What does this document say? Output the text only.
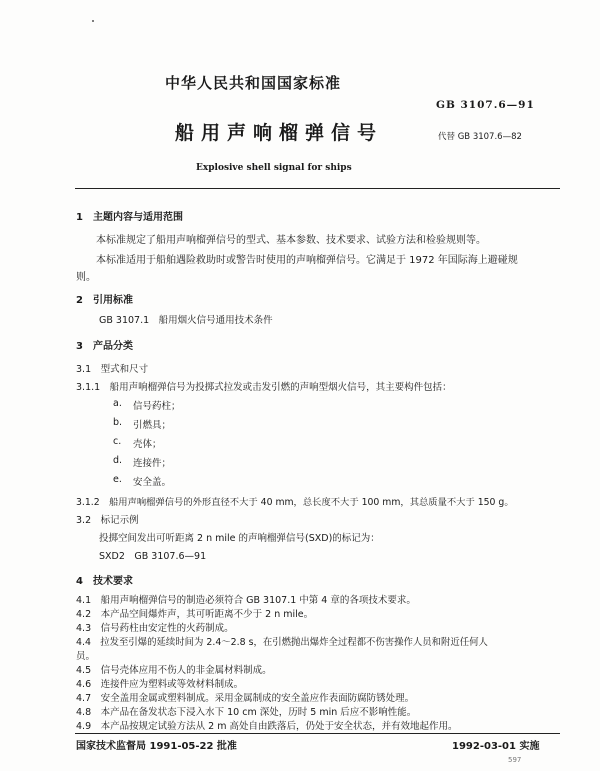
中华人民共和国国家标准
GB 3107.6—91
船用声响榴弹信号	代替 GB 3107.6—82
Explosive shell signal for ships
1　主题内容与适用范围
本标准规定了船用声响榴弹信号的型式、基本参数、技术要求、试验方法和检验规则等。
本标准适用于船舶遇险救助时或警告时使用的声响榴弹信号。它满足于 1972 年国际海上避碰规
则。
2　引用标准
GB 3107.1　船用烟火信号通用技术条件
3　产品分类
3.1　型式和尺寸
3.1.1　船用声响榴弹信号为投掷式拉发或击发引燃的声响型烟火信号，其主要构件包括：
a. 信号药柱；
b. 引燃具；
c. 壳体；
d. 连接件；
e. 安全盖。
3.1.2　船用声响榴弹信号的外形直径不大于 40 mm，总长度不大于 100 mm，其总质量不大于 150 g。
3.2　标记示例
投掷空间发出可听距离 2 n mile 的声响榴弹信号(SXD)的标记为：
SXD2　GB 3107.6—91
4　技术要求
4.1　船用声响榴弹信号的制造必须符合 GB 3107.1 中第 4 章的各项技术要求。
4.2　本产品空间爆炸声，其可听距离不少于 2 n mile。
4.3　信号药柱由安定性的火药制成。
4.4　拉发至引爆的延续时间为 2.4～2.8 s，在引燃抛出爆炸全过程都不伤害操作人员和附近任何人
员。
4.5　信号壳体应用不伤人的非金属材料制成。
4.6　连接件应为塑料或等效材料制成。
国家技术监督局 1991-05-22 批准	1992-03-01 实施
597
4.7　安全盖用金属或塑料制成。采用金属制成的安全盖应作表面防腐防锈处理。
4.8　本产品在备发状态下浸入水下 10 cm 深处，历时 5 min 后应不影响性能。
4.9　本产品按规定试验方法从 2 m 高处自由跌落后，仍处于安全状态，并有效地起作用。
